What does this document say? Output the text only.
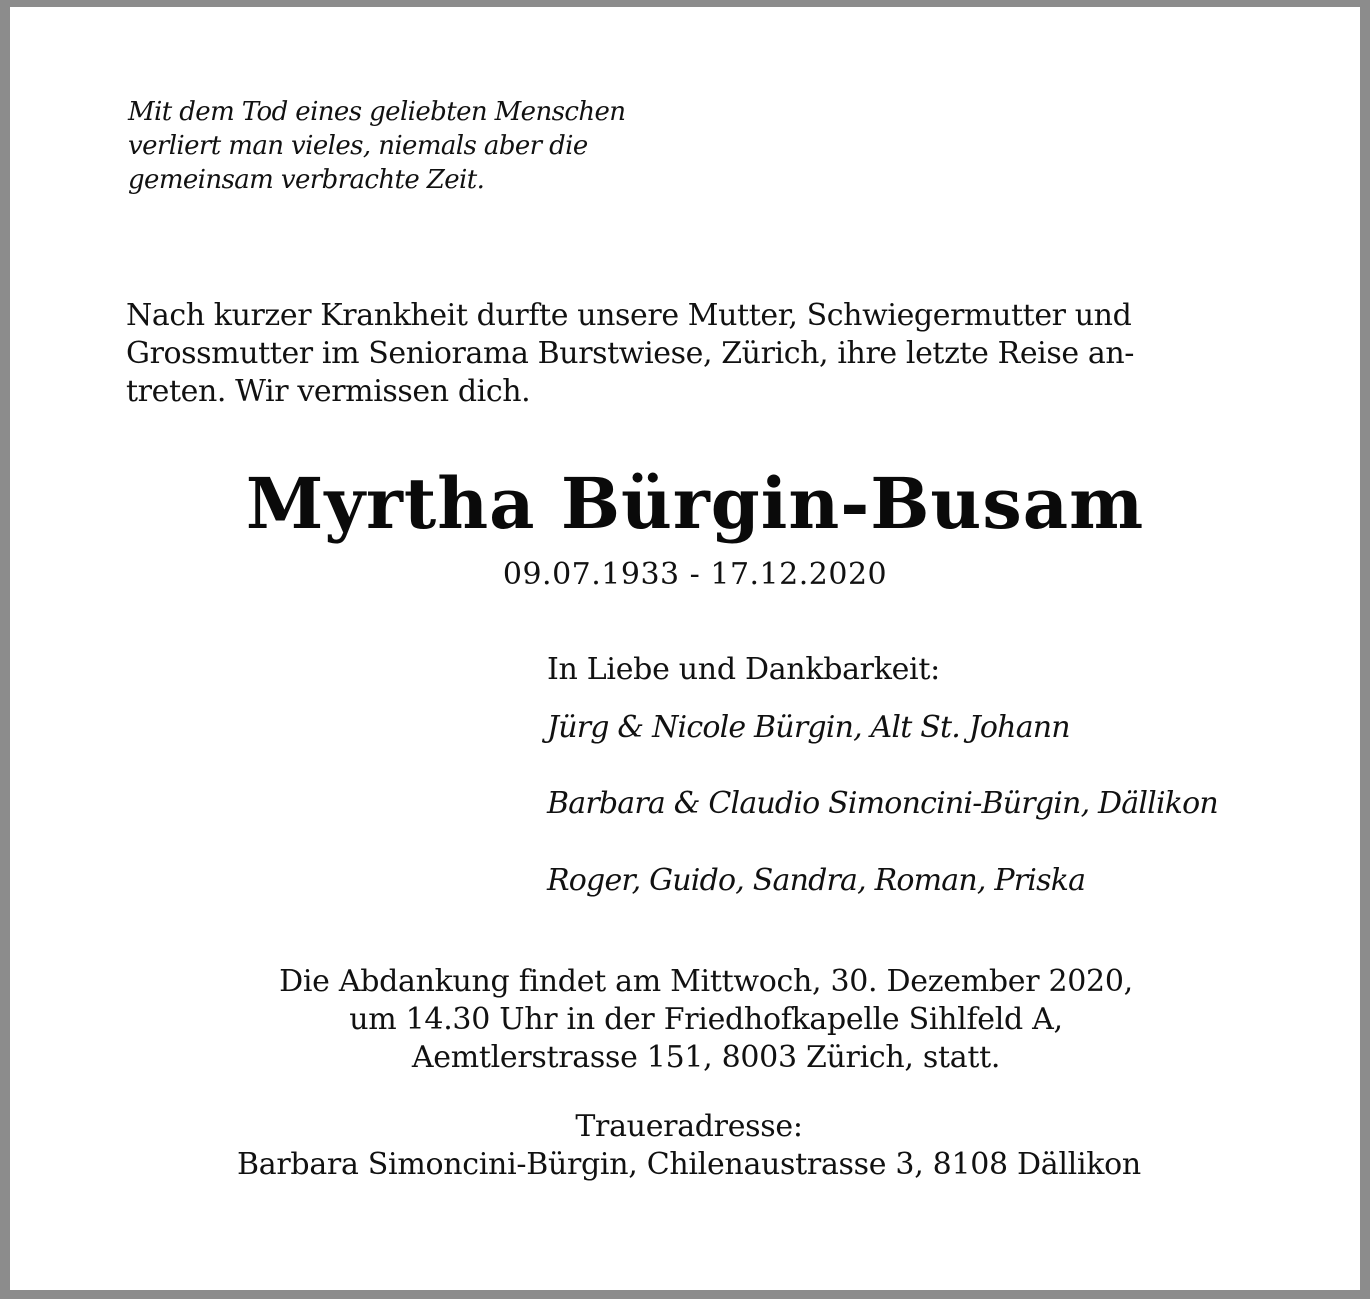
Mit dem Tod eines geliebten Menschen
verliert man vieles, niemals aber die
gemeinsam verbrachte Zeit.
Nach kurzer Krankheit durfte unsere Mutter, Schwiegermutter und
Grossmutter im Seniorama Burstwiese, Zürich, ihre letzte Reise an-
treten. Wir vermissen dich.
Myrtha Bürgin-Busam
09.07.1933 - 17.12.2020
In Liebe und Dankbarkeit:
Jürg & Nicole Bürgin, Alt St. Johann
Barbara & Claudio Simoncini-Bürgin, Dällikon
Roger, Guido, Sandra, Roman, Priska
Die Abdankung findet am Mittwoch, 30. Dezember 2020,
um 14.30 Uhr in der Friedhofkapelle Sihlfeld A,
Aemtlerstrasse 151, 8003 Zürich, statt.
Traueradresse:
Barbara Simoncini-Bürgin, Chilenaustrasse 3, 8108 Dällikon
